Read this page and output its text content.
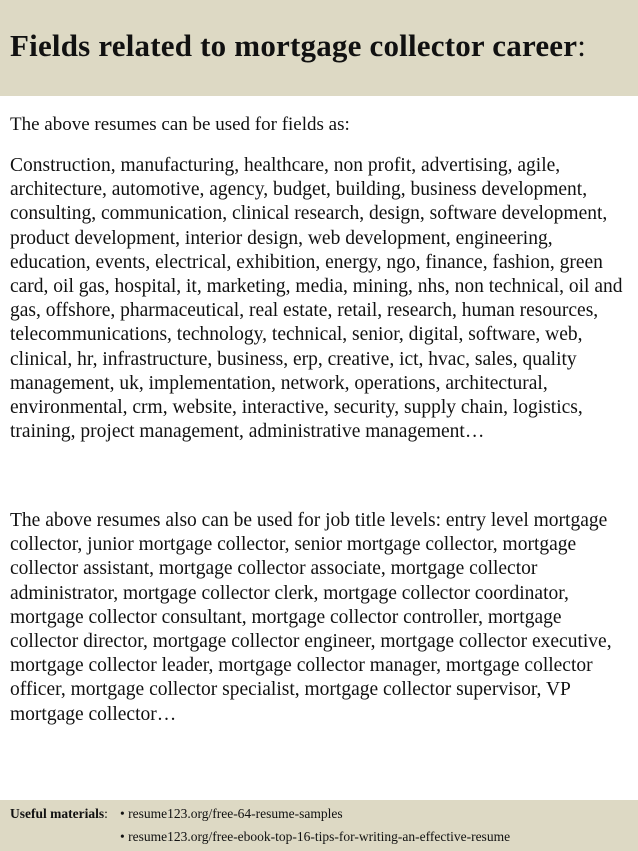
Fields related to mortgage collector career:
The above resumes can be used for fields as:
Construction, manufacturing, healthcare, non profit, advertising, agile, architecture, automotive, agency, budget, building, business development, consulting, communication, clinical research, design, software development, product development, interior design, web development, engineering, education, events, electrical, exhibition, energy, ngo, finance, fashion, green card, oil gas, hospital, it, marketing, media, mining, nhs, non technical, oil and gas, offshore, pharmaceutical, real estate, retail, research, human resources, telecommunications, technology, technical, senior, digital, software, web, clinical, hr, infrastructure, business, erp, creative, ict, hvac, sales, quality management, uk, implementation, network, operations, architectural, environmental, crm, website, interactive, security, supply chain, logistics, training, project management, administrative management…
The above resumes also can be used for job title levels: entry level mortgage collector, junior mortgage collector, senior mortgage collector, mortgage collector assistant, mortgage collector associate, mortgage collector administrator, mortgage collector clerk, mortgage collector coordinator, mortgage collector consultant, mortgage collector controller, mortgage collector director, mortgage collector engineer, mortgage collector executive, mortgage collector leader, mortgage collector manager, mortgage collector officer, mortgage collector specialist, mortgage collector supervisor, VP mortgage collector…
Useful materials: • resume123.org/free-64-resume-samples
• resume123.org/free-ebook-top-16-tips-for-writing-an-effective-resume
